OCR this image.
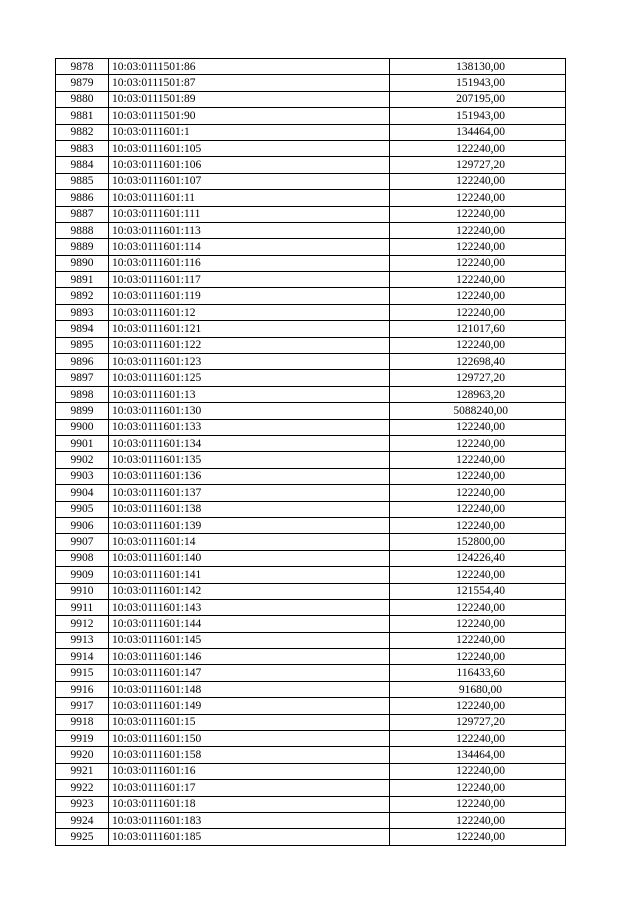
9878	10:03:0111501:86	138130,00
9879	10:03:0111501:87	151943,00
9880	10:03:0111501:89	207195,00
9881	10:03:0111501:90	151943,00
9882	10:03:0111601:1	134464,00
9883	10:03:0111601:105	122240,00
9884	10:03:0111601:106	129727,20
9885	10:03:0111601:107	122240,00
9886	10:03:0111601:11	122240,00
9887	10:03:0111601:111	122240,00
9888	10:03:0111601:113	122240,00
9889	10:03:0111601:114	122240,00
9890	10:03:0111601:116	122240,00
9891	10:03:0111601:117	122240,00
9892	10:03:0111601:119	122240,00
9893	10:03:0111601:12	122240,00
9894	10:03:0111601:121	121017,60
9895	10:03:0111601:122	122240,00
9896	10:03:0111601:123	122698,40
9897	10:03:0111601:125	129727,20
9898	10:03:0111601:13	128963,20
9899	10:03:0111601:130	5088240,00
9900	10:03:0111601:133	122240,00
9901	10:03:0111601:134	122240,00
9902	10:03:0111601:135	122240,00
9903	10:03:0111601:136	122240,00
9904	10:03:0111601:137	122240,00
9905	10:03:0111601:138	122240,00
9906	10:03:0111601:139	122240,00
9907	10:03:0111601:14	152800,00
9908	10:03:0111601:140	124226,40
9909	10:03:0111601:141	122240,00
9910	10:03:0111601:142	121554,40
9911	10:03:0111601:143	122240,00
9912	10:03:0111601:144	122240,00
9913	10:03:0111601:145	122240,00
9914	10:03:0111601:146	122240,00
9915	10:03:0111601:147	116433,60
9916	10:03:0111601:148	91680,00
9917	10:03:0111601:149	122240,00
9918	10:03:0111601:15	129727,20
9919	10:03:0111601:150	122240,00
9920	10:03:0111601:158	134464,00
9921	10:03:0111601:16	122240,00
9922	10:03:0111601:17	122240,00
9923	10:03:0111601:18	122240,00
9924	10:03:0111601:183	122240,00
9925	10:03:0111601:185	122240,00
